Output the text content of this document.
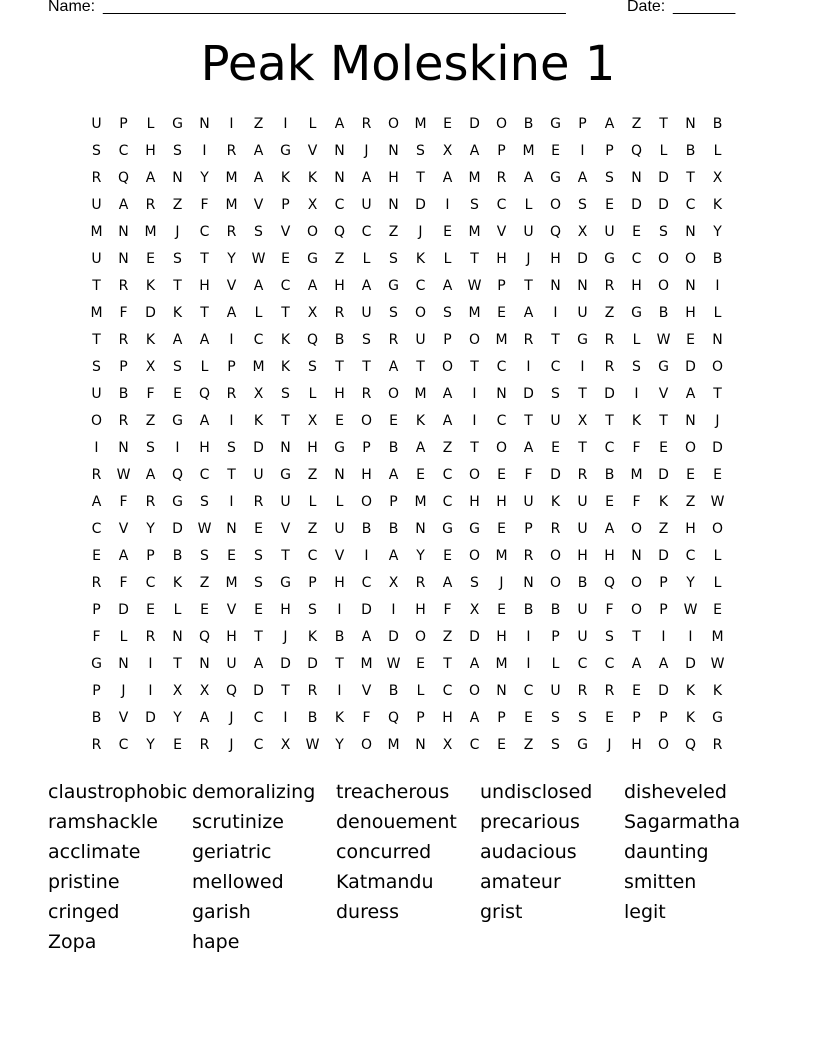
Name: ____________________________________________________	Date: _______
Peak Moleskine 1
U	P	L	G	N	I	Z	I	L	A	R	O	M	E	D	O	B	G	P	A	Z	T	N	B
S	C	H	S	I	R	A	G	V	N	J	N	S	X	A	P	M	E	I	P	Q	L	B	L
R	Q	A	N	Y	M	A	K	K	N	A	H	T	A	M	R	A	G	A	S	N	D	T	X
U	A	R	Z	F	M	V	P	X	C	U	N	D	I	S	C	L	O	S	E	D	D	C	K
M	N	M	J	C	R	S	V	O	Q	C	Z	J	E	M	V	U	Q	X	U	E	S	N	Y
U	N	E	S	T	Y	W	E	G	Z	L	S	K	L	T	H	J	H	D	G	C	O	O	B
T	R	K	T	H	V	A	C	A	H	A	G	C	A	W	P	T	N	N	R	H	O	N	I
M	F	D	K	T	A	L	T	X	R	U	S	O	S	M	E	A	I	U	Z	G	B	H	L
T	R	K	A	A	I	C	K	Q	B	S	R	U	P	O	M	R	T	G	R	L	W	E	N
S	P	X	S	L	P	M	K	S	T	T	A	T	O	T	C	I	C	I	R	S	G	D	O
U	B	F	E	Q	R	X	S	L	H	R	O	M	A	I	N	D	S	T	D	I	V	A	T
O	R	Z	G	A	I	K	T	X	E	O	E	K	A	I	C	T	U	X	T	K	T	N	J
I	N	S	I	H	S	D	N	H	G	P	B	A	Z	T	O	A	E	T	C	F	E	O	D
R	W	A	Q	C	T	U	G	Z	N	H	A	E	C	O	E	F	D	R	B	M	D	E	E
A	F	R	G	S	I	R	U	L	L	O	P	M	C	H	H	U	K	U	E	F	K	Z	W
C	V	Y	D	W	N	E	V	Z	U	B	B	N	G	G	E	P	R	U	A	O	Z	H	O
E	A	P	B	S	E	S	T	C	V	I	A	Y	E	O	M	R	O	H	H	N	D	C	L
R	F	C	K	Z	M	S	G	P	H	C	X	R	A	S	J	N	O	B	Q	O	P	Y	L
P	D	E	L	E	V	E	H	S	I	D	I	H	F	X	E	B	B	U	F	O	P	W	E
F	L	R	N	Q	H	T	J	K	B	A	D	O	Z	D	H	I	P	U	S	T	I	I	M
G	N	I	T	N	U	A	D	D	T	M	W	E	T	A	M	I	L	C	C	A	A	D	W
P	J	I	X	X	Q	D	T	R	I	V	B	L	C	O	N	C	U	R	R	E	D	K	K
B	V	D	Y	A	J	C	I	B	K	F	Q	P	H	A	P	E	S	S	E	P	P	K	G
R	C	Y	E	R	J	C	X	W	Y	O	M	N	X	C	E	Z	S	G	J	H	O	Q	R
claustrophobic demoralizing	treacherous	undisclosed	disheveled
ramshackle	scrutinize	denouement	precarious	Sagarmatha
acclimate	geriatric	concurred	audacious	daunting
pristine	mellowed	Katmandu	amateur	smitten
cringed	garish	duress	grist	legit
Zopa	hape
